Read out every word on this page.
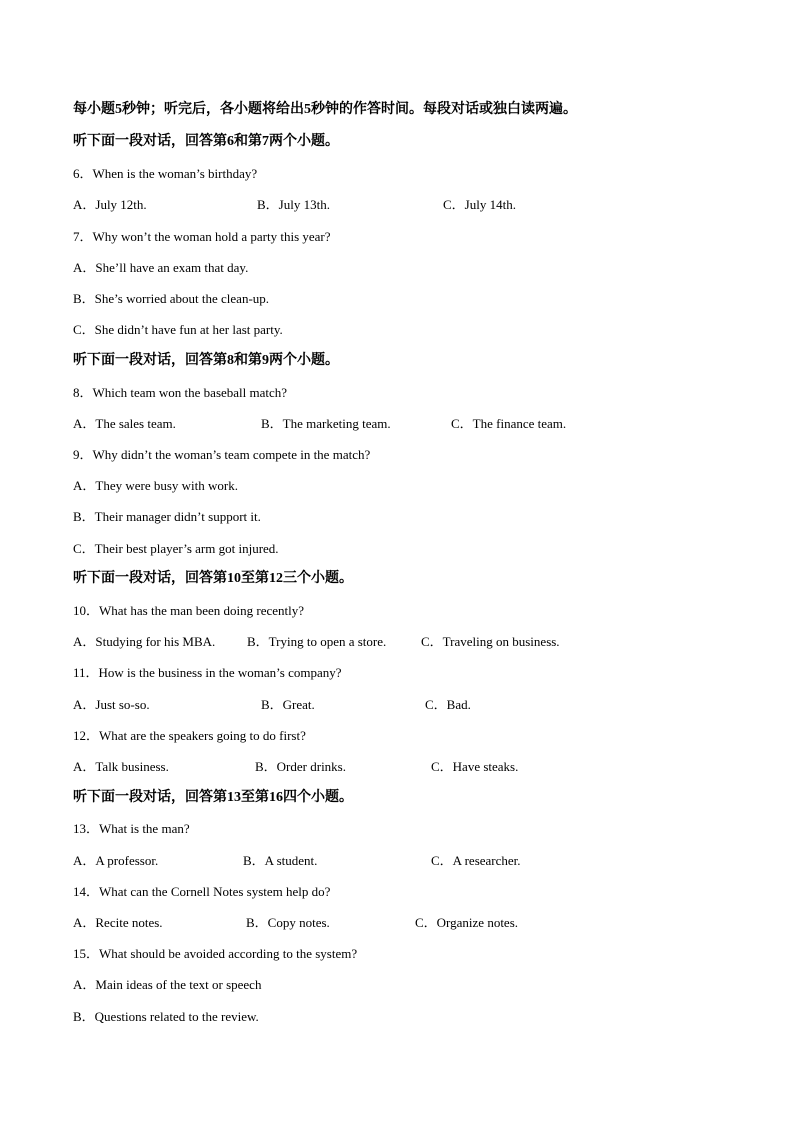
每小题5秒钟；听完后，各小题将给出5秒钟的作答时间。每段对话或独白读两遍。
听下面一段对话，回答第6和第7两个小题。
6．When is the woman’s birthday?
A．July 12th.	B．July 13th.	C．July 14th.
7．Why won’t the woman hold a party this year?
A．She’ll have an exam that day.
B．She’s worried about the clean-up.
C．She didn’t have fun at her last party.
听下面一段对话，回答第8和第9两个小题。
8．Which team won the baseball match?
A．The sales team.	B．The marketing team.	C．The finance team.
9．Why didn’t the woman’s team compete in the match?
A．They were busy with work.
B．Their manager didn’t support it.
C．Their best player’s arm got injured.
听下面一段对话，回答第10至第12三个小题。
10．What has the man been doing recently?
A．Studying for his MBA. B．Trying to open a store.	C．Traveling on business.
11．How is the business in the woman’s company?
A．Just so-so.	B．Great.	C．Bad.
12．What are the speakers going to do first?
A．Talk business.	B．Order drinks.	C．Have steaks.
听下面一段对话，回答第13至第16四个小题。
13．What is the man?
A．A professor.	B．A student.	C．A researcher.
14．What can the Cornell Notes system help do?
A．Recite notes.	B．Copy notes.	C．Organize notes.
15．What should be avoided according to the system?
A．Main ideas of the text or speech
B．Questions related to the review.
